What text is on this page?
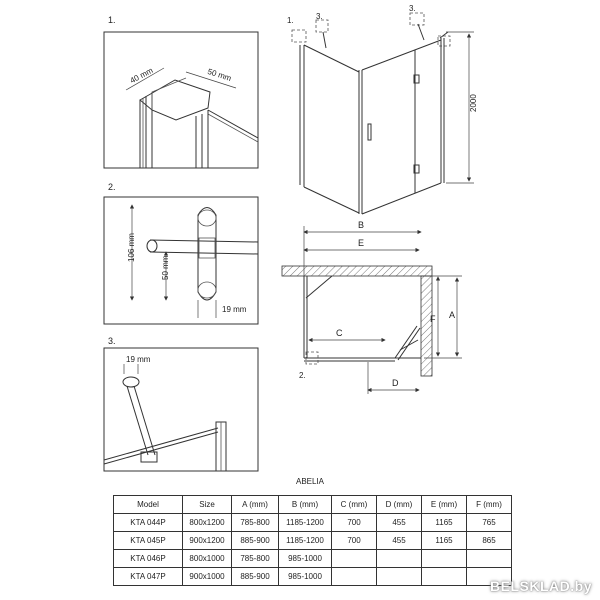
1.
40 mm	50 mm
2.
106 mm
50 mm
19 mm
3.
19 mm
1.	3.
3.
2000
B
E
C
D
F A
2.
ABELIA
Model	Size	A (mm)	B (mm)	C (mm)	D (mm)	E (mm)	F (mm)
KTA 044P	800x1200	785-800	1185-1200	700	455	1165	765
KTA 045P	900x1200	885-900	1185-1200	700	455	1165	865
KTA 046P	800x1000	785-800	985-1000				
KTA 047P	900x1000	885-900	985-1000				
BELSKLAD.by
